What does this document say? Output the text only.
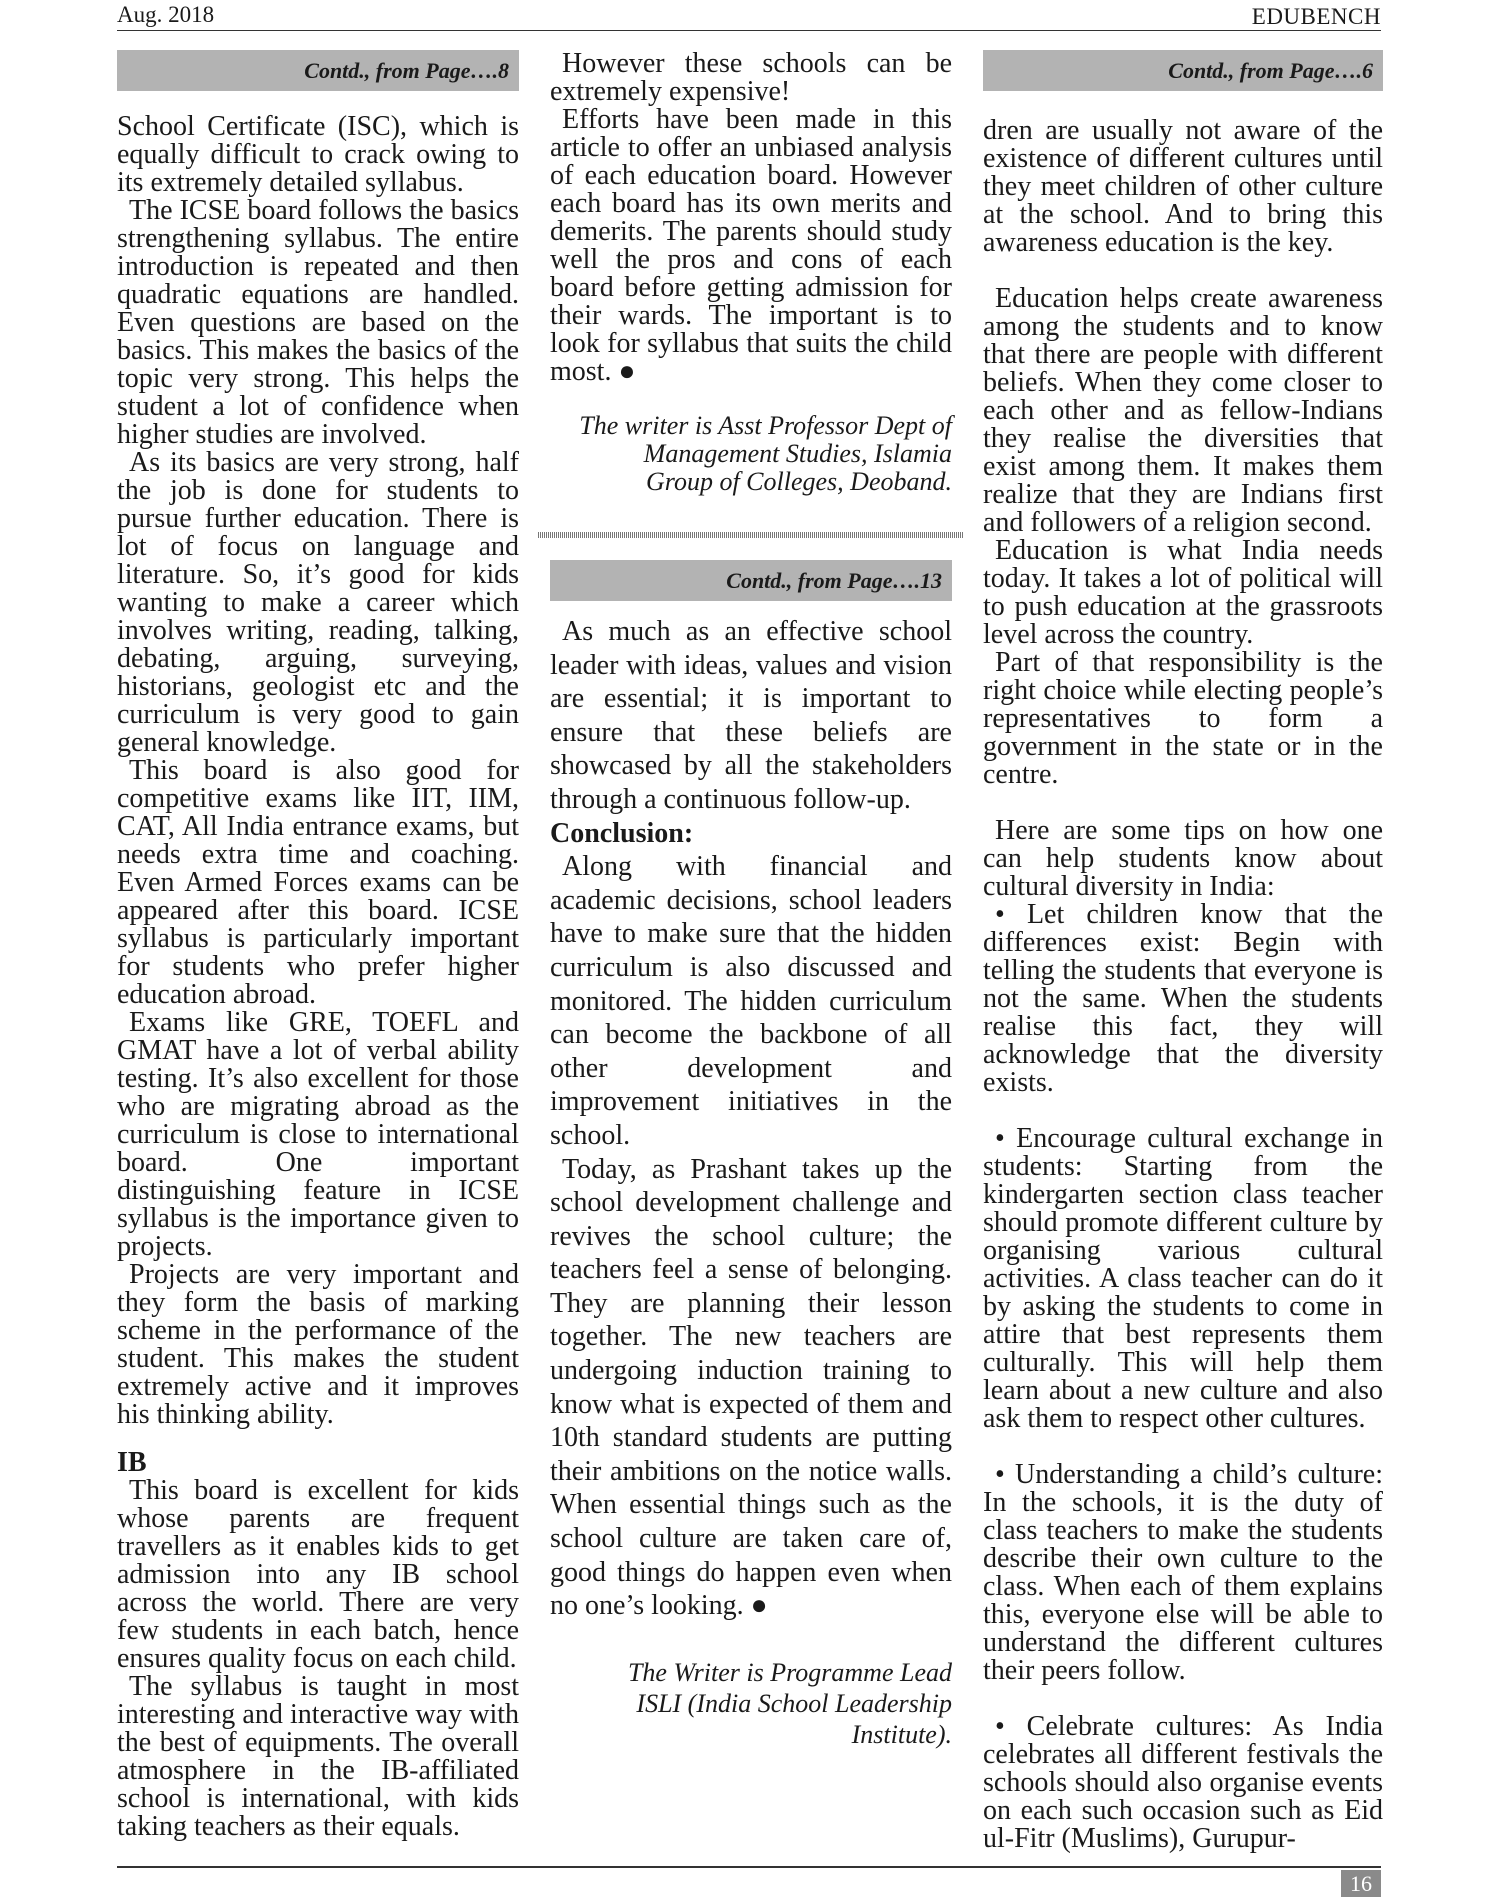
Aug. 2018	EDUBENCH
Contd., from Page….8

School Certificate (ISC), which is equally difficult to crack owing to its extremely detailed syllabus.

The ICSE board follows the basics strengthening syllabus. The entire introduction is repeated and then quadratic equations are handled. Even questions are based on the basics. This makes the basics of the topic very strong. This helps the student a lot of confidence when higher studies are involved.

As its basics are very strong, half the job is done for students to pursue further education. There is lot of focus on language and literature. So, it’s good for kids wanting to make a career which involves writing, reading, talking, debating, arguing, surveying, historians, geologist etc and the curriculum is very good to gain general knowledge.

This board is also good for competitive exams like IIT, IIM, CAT, All India entrance exams, but needs extra time and coaching. Even Armed Forces exams can be appeared after this board. ICSE syllabus is particularly important for students who prefer higher education abroad.

Exams like GRE, TOEFL and GMAT have a lot of verbal ability testing. It’s also excellent for those who are migrating abroad as the curriculum is close to international board. One important distinguishing feature in ICSE syllabus is the importance given to projects.

Projects are very important and they form the basis of marking scheme in the performance of the student. This makes the student extremely active and it improves his thinking ability.

IB

This board is excellent for kids whose parents are frequent travellers as it enables kids to get admission into any IB school across the world. There are very few students in each batch, hence ensures quality focus on each child.

The syllabus is taught in most interesting and interactive way with the best of equipments. The overall atmosphere in the IB-affiliated school is international, with kids taking teachers as their equals.

However these schools can be extremely expensive!

Efforts have been made in this article to offer an unbiased analysis of each education board. However each board has its own merits and demerits. The parents should study well the pros and cons of each board before getting admission for their wards. The important is to look for syllabus that suits the child most. ●

The writer is Asst Professor Dept of
Management Studies, Islamia
Group of Colleges, Deoband.
Contd., from Page….13

As much as an effective school leader with ideas, values and vision are essential; it is important to ensure that these beliefs are showcased by all the stakeholders through a continuous follow-up.

Conclusion:

Along with financial and academic decisions, school leaders have to make sure that the hidden curriculum is also discussed and monitored. The hidden curriculum can become the backbone of all other development and improvement initiatives in the school.

Today, as Prashant takes up the school development challenge and revives the school culture; the teachers feel a sense of belonging. They are planning their lesson together. The new teachers are undergoing induction training to know what is expected of them and 10th standard students are putting their ambitions on the notice walls. When essential things such as the school culture are taken care of, good things do happen even when no one’s looking. ●

The Writer is Programme Lead
ISLI (India School Leadership
Institute).
Contd., from Page….6

dren are usually not aware of the existence of different cultures until they meet children of other culture at the school. And to bring this awareness education is the key.

Education helps create awareness among the students and to know that there are people with different beliefs. When they come closer to each other and as fellow-Indians they realise the diversities that exist among them. It makes them realize that they are Indians first and followers of a religion second.

Education is what India needs today. It takes a lot of political will to push education at the grassroots level across the country.

Part of that responsibility is the right choice while electing people’s representatives to form a government in the state or in the centre.

Here are some tips on how one can help students know about cultural diversity in India:

• Let children know that the differences exist: Begin with telling the students that everyone is not the same. When the students realise this fact, they will acknowledge that the diversity exists.

• Encourage cultural exchange in students: Starting from the kindergarten section class teacher should promote different culture by organising various cultural activities. A class teacher can do it by asking the students to come in attire that best represents them culturally. This will help them learn about a new culture and also ask them to respect other cultures.

• Understanding a child’s culture: In the schools, it is the duty of class teachers to make the students describe their own culture to the class. When each of them explains this, everyone else will be able to understand the different cultures their peers follow.

• Celebrate cultures: As India celebrates all different festivals the schools should also organise events on each such occasion such as Eid ul-Fitr (Muslims), Gurupur-

16
